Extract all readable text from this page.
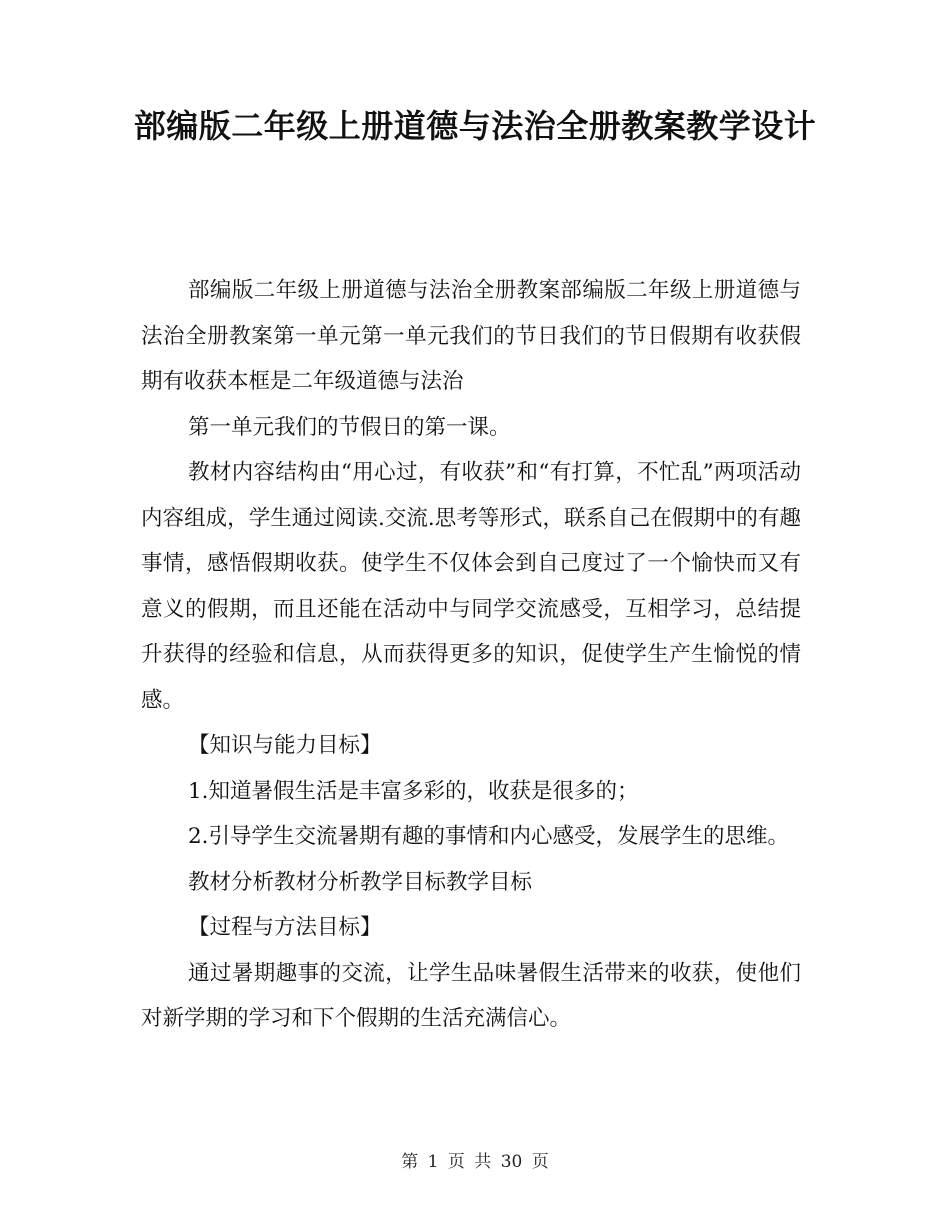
部编版二年级上册道德与法治全册教案教学设计

部编版二年级上册道德与法治全册教案部编版二年级上册道德与法治全册教案第一单元第一单元我们的节日我们的节日假期有收获假期有收获本框是二年级道德与法治

第一单元我们的节假日的第一课。

教材内容结构由“用心过，有收获”和“有打算，不忙乱”两项活动内容组成，学生通过阅读.交流.思考等形式，联系自己在假期中的有趣事情，感悟假期收获。使学生不仅体会到自己度过了一个愉快而又有意义的假期，而且还能在活动中与同学交流感受，互相学习，总结提升获得的经验和信息，从而获得更多的知识，促使学生产生愉悦的情感。

【知识与能力目标】

1.知道暑假生活是丰富多彩的，收获是很多的；

2.引导学生交流暑期有趣的事情和内心感受，发展学生的思维。

教材分析教材分析教学目标教学目标

【过程与方法目标】

通过暑期趣事的交流，让学生品味暑假生活带来的收获，使他们对新学期的学习和下个假期的生活充满信心。

第 1 页 共 30 页
